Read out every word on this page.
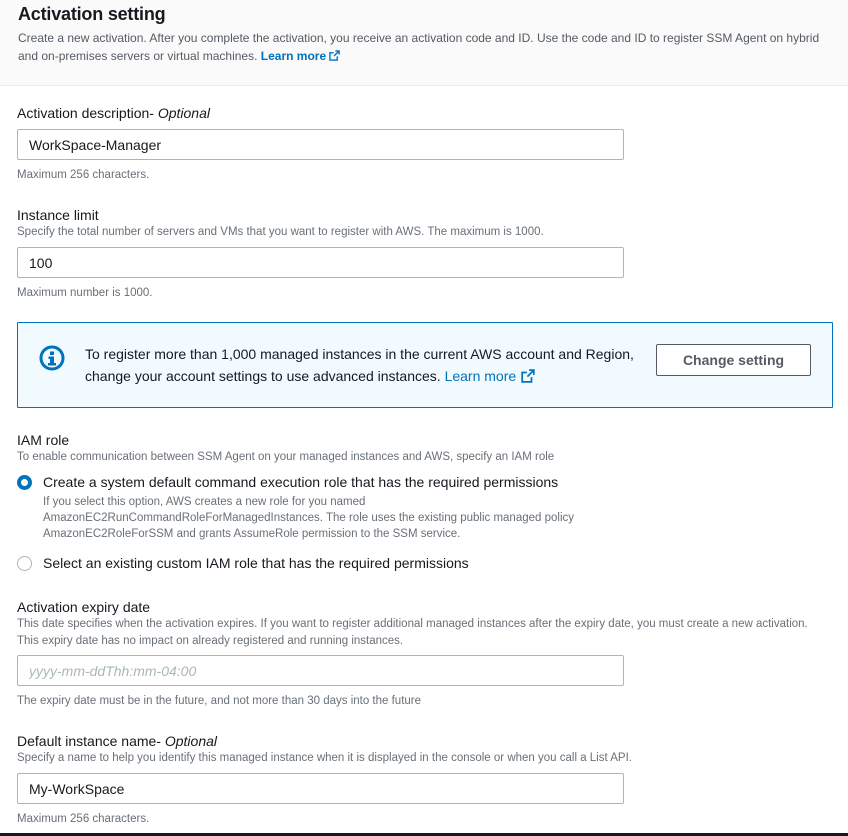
Activation setting

Create a new activation. After you complete the activation, you receive an activation code and ID. Use the code and ID to register SSM Agent on hybrid and on-premises servers or virtual machines. Learn more

Activation description- Optional
WorkSpace-Manager
Maximum 256 characters.
Instance limit
Specify the total number of servers and VMs that you want to register with AWS. The maximum is 1000.
100
Maximum number is 1000.
To register more than 1,000 managed instances in the current AWS account and Region, change your account settings to use advanced instances. Learn more
Change setting
IAM role
To enable communication between SSM Agent on your managed instances and AWS, specify an IAM role
Create a system default command execution role that has the required permissions
If you select this option, AWS creates a new role for you named AmazonEC2RunCommandRoleForManagedInstances. The role uses the existing public managed policy AmazonEC2RoleForSSM and grants AssumeRole permission to the SSM service.
Select an existing custom IAM role that has the required permissions
Activation expiry date
This date specifies when the activation expires. If you want to register additional managed instances after the expiry date, you must create a new activation. This expiry date has no impact on already registered and running instances.
yyyy-mm-ddThh:mm-04:00
The expiry date must be in the future, and not more than 30 days into the future
Default instance name- Optional
Specify a name to help you identify this managed instance when it is displayed in the console or when you call a List API.
My-WorkSpace
Maximum 256 characters.
